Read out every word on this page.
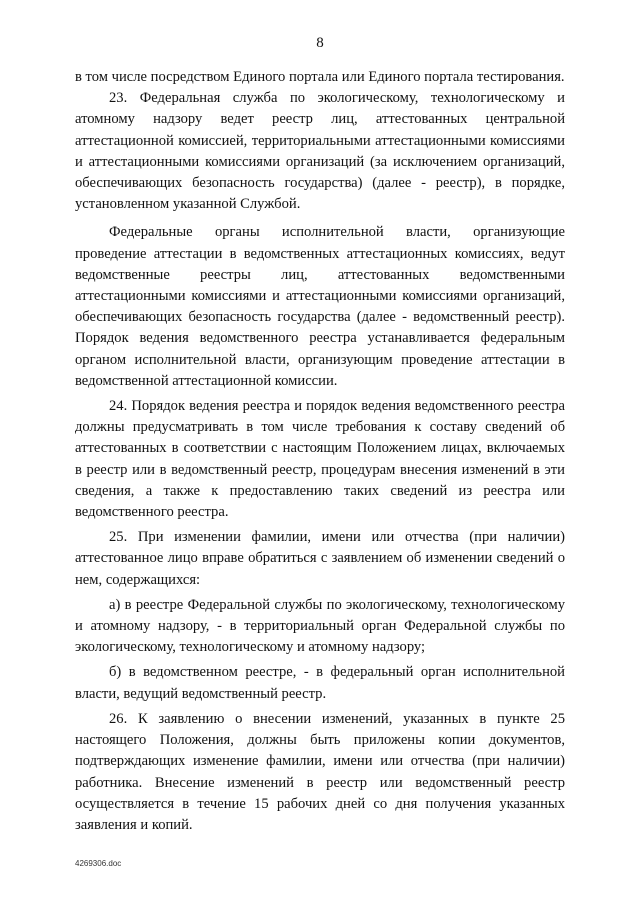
8

в том числе посредством Единого портала или Единого портала тестирования.

23. Федеральная служба по экологическому, технологическому и атомному надзору ведет реестр лиц, аттестованных центральной аттестационной комиссией, территориальными аттестационными комиссиями и аттестационными комиссиями организаций (за исключением организаций, обеспечивающих безопасность государства) (далее - реестр), в порядке, установленном указанной Службой.

Федеральные органы исполнительной власти, организующие проведение аттестации в ведомственных аттестационных комиссиях, ведут ведомственные реестры лиц, аттестованных ведомственными аттестационными комиссиями и аттестационными комиссиями организаций, обеспечивающих безопасность государства (далее - ведомственный реестр). Порядок ведения ведомственного реестра устанавливается федеральным органом исполнительной власти, организующим проведение аттестации в ведомственной аттестационной комиссии.

24. Порядок ведения реестра и порядок ведения ведомственного реестра должны предусматривать в том числе требования к составу сведений об аттестованных в соответствии с настоящим Положением лицах, включаемых в реестр или в ведомственный реестр, процедурам внесения изменений в эти сведения, а также к предоставлению таких сведений из реестра или ведомственного реестра.

25. При изменении фамилии, имени или отчества (при наличии) аттестованное лицо вправе обратиться с заявлением об изменении сведений о нем, содержащихся:

а) в реестре Федеральной службы по экологическому, технологическому и атомному надзору, - в территориальный орган Федеральной службы по экологическому, технологическому и атомному надзору;

б) в ведомственном реестре, - в федеральный орган исполнительной власти, ведущий ведомственный реестр.

26. К заявлению о внесении изменений, указанных в пункте 25 настоящего Положения, должны быть приложены копии документов, подтверждающих изменение фамилии, имени или отчества (при наличии) работника. Внесение изменений в реестр или ведомственный реестр осуществляется в течение 15 рабочих дней со дня получения указанных заявления и копий.

4269306.doc
